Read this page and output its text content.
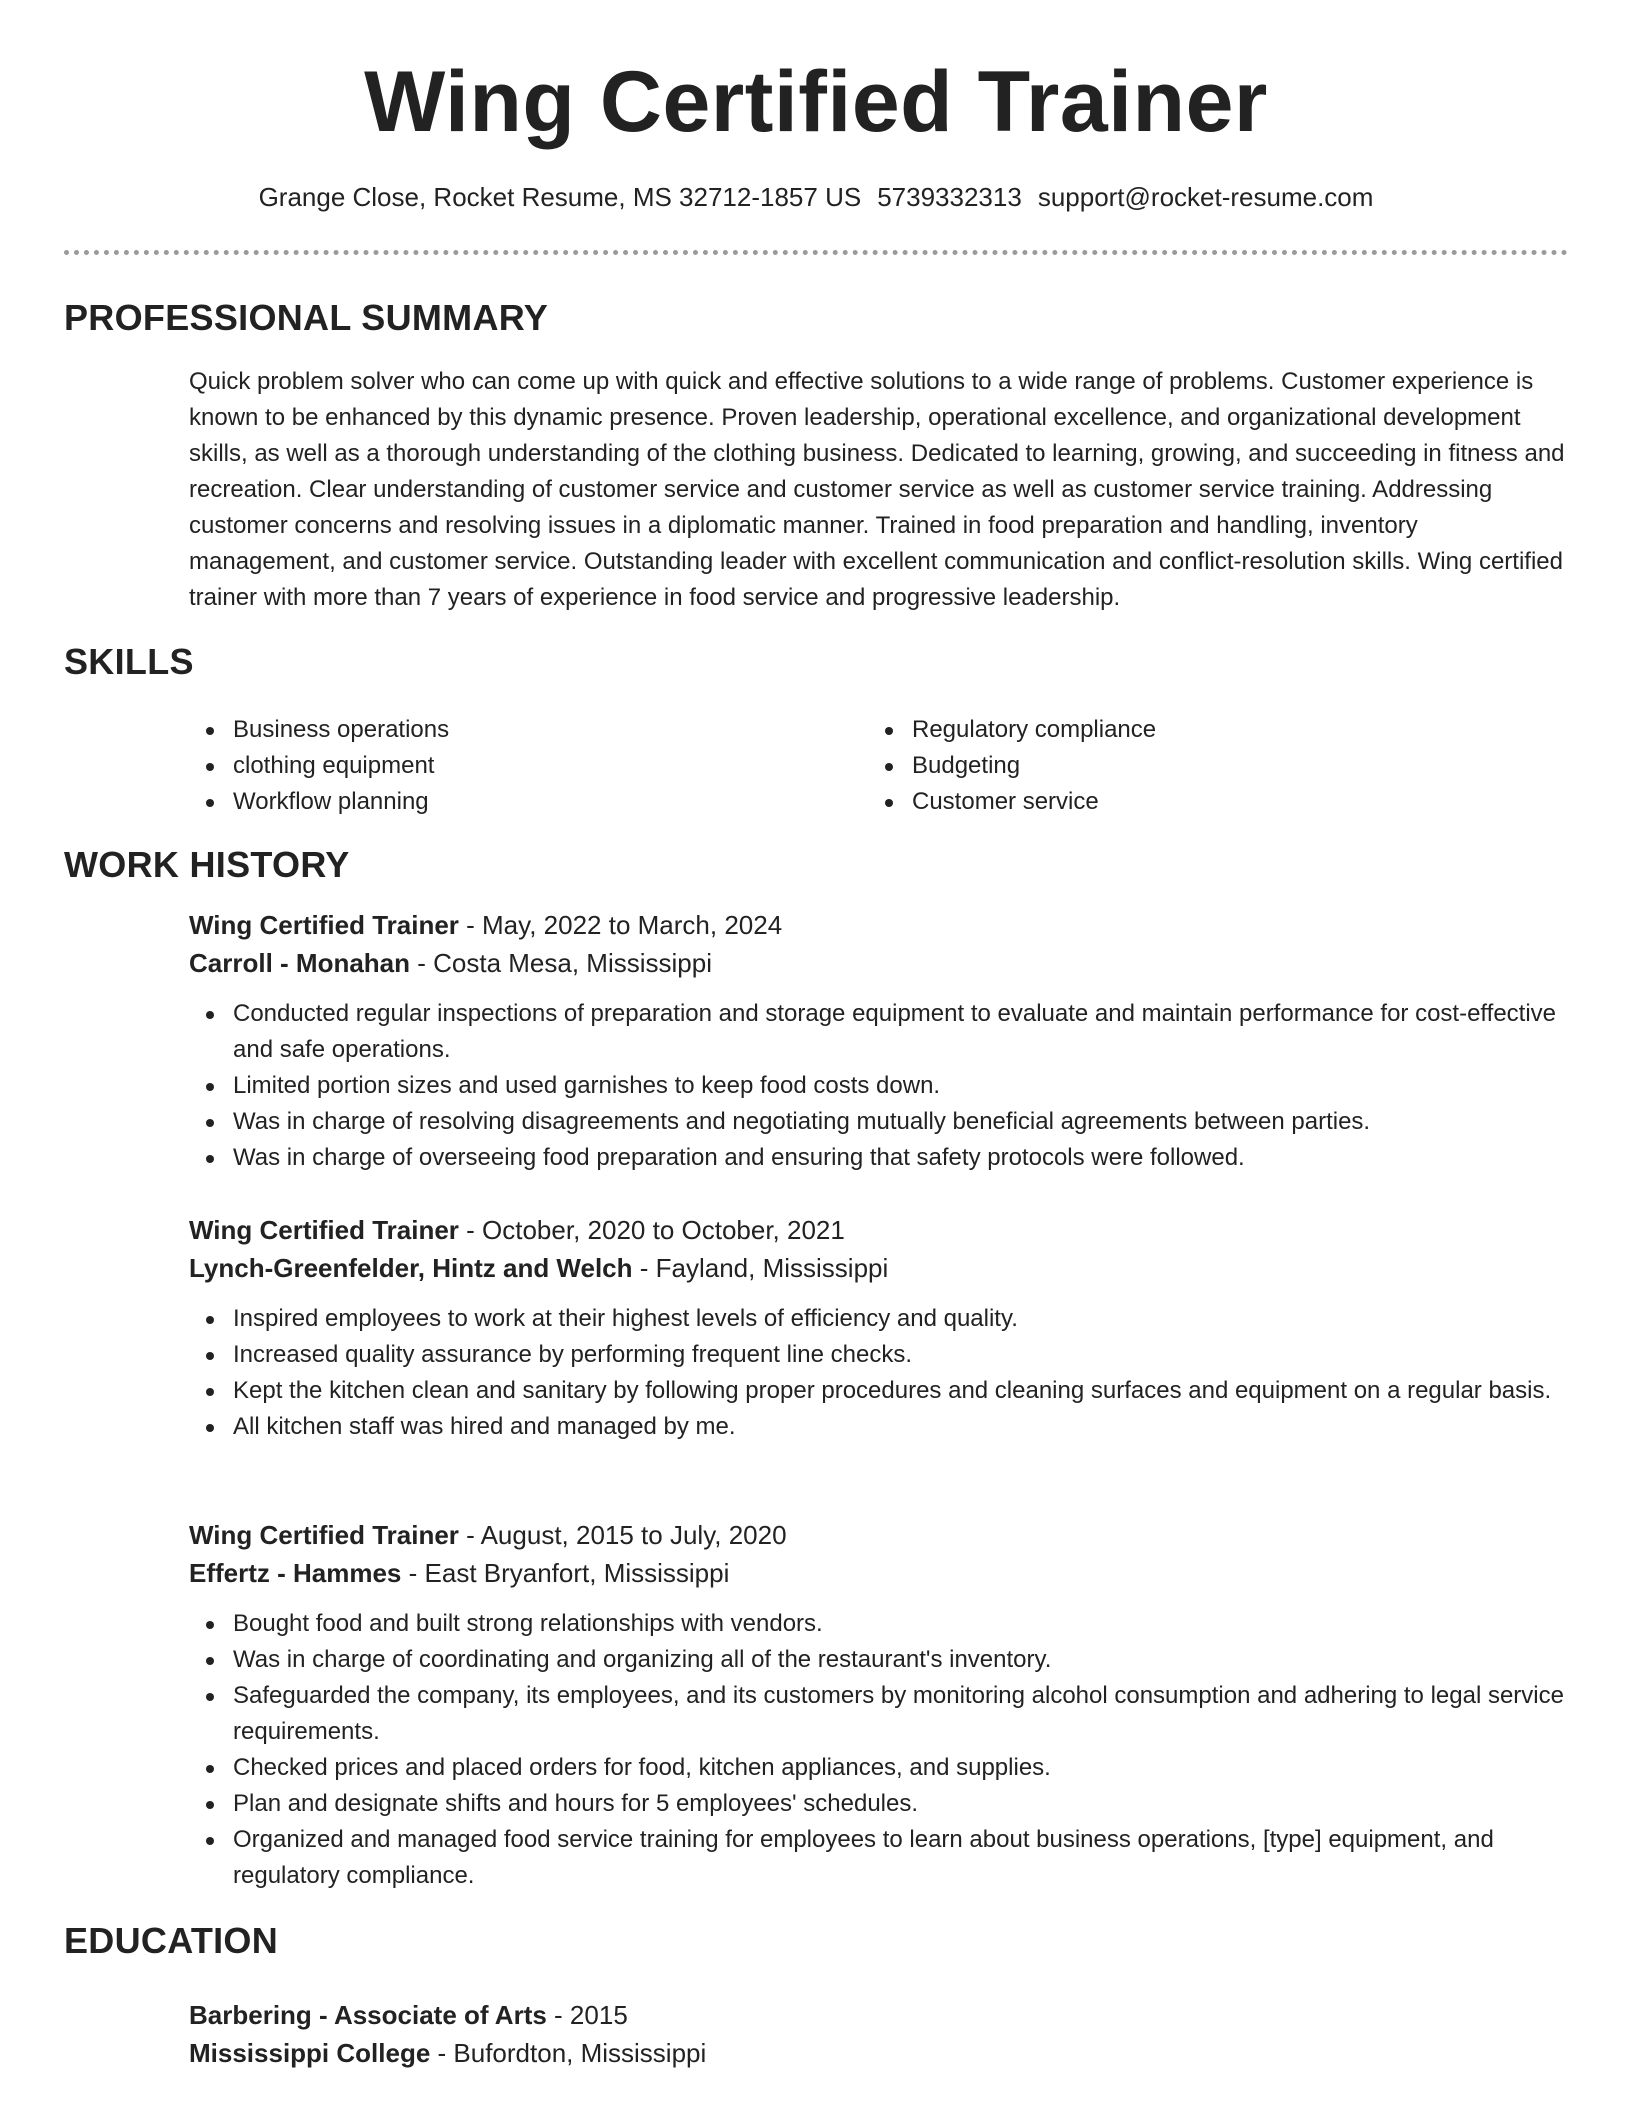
Wing Certified Trainer
Grange Close, Rocket Resume, MS 32712-1857 US 5739332313 support@rocket-resume.com
PROFESSIONAL SUMMARY

Quick problem solver who can come up with quick and effective solutions to a wide range of problems. Customer experience is known to be enhanced by this dynamic presence. Proven leadership, operational excellence, and organizational development skills, as well as a thorough understanding of the clothing business. Dedicated to learning, growing, and succeeding in fitness and recreation. Clear understanding of customer service and customer service as well as customer service training. Addressing customer concerns and resolving issues in a diplomatic manner. Trained in food preparation and handling, inventory management, and customer service. Outstanding leader with excellent communication and conflict-resolution skills. Wing certified trainer with more than 7 years of experience in food service and progressive leadership.

SKILLS
Business operations
clothing equipment
Workflow planning
Regulatory compliance
Budgeting
Customer service
WORK HISTORY
Wing Certified Trainer - May, 2022 to March, 2024
Carroll - Monahan - Costa Mesa, Mississippi
Conducted regular inspections of preparation and storage equipment to evaluate and maintain performance for cost-effective and safe operations.
Limited portion sizes and used garnishes to keep food costs down.
Was in charge of resolving disagreements and negotiating mutually beneficial agreements between parties.
Was in charge of overseeing food preparation and ensuring that safety protocols were followed.
Wing Certified Trainer - October, 2020 to October, 2021
Lynch-Greenfelder, Hintz and Welch - Fayland, Mississippi
Inspired employees to work at their highest levels of efficiency and quality.
Increased quality assurance by performing frequent line checks.
Kept the kitchen clean and sanitary by following proper procedures and cleaning surfaces and equipment on a regular basis.
All kitchen staff was hired and managed by me.
Wing Certified Trainer - August, 2015 to July, 2020
Effertz - Hammes - East Bryanfort, Mississippi
Bought food and built strong relationships with vendors.
Was in charge of coordinating and organizing all of the restaurant's inventory.
Safeguarded the company, its employees, and its customers by monitoring alcohol consumption and adhering to legal service requirements.
Checked prices and placed orders for food, kitchen appliances, and supplies.
Plan and designate shifts and hours for 5 employees' schedules.
Organized and managed food service training for employees to learn about business operations, [type] equipment, and regulatory compliance.
EDUCATION
Barbering - Associate of Arts - 2015
Mississippi College - Bufordton, Mississippi
